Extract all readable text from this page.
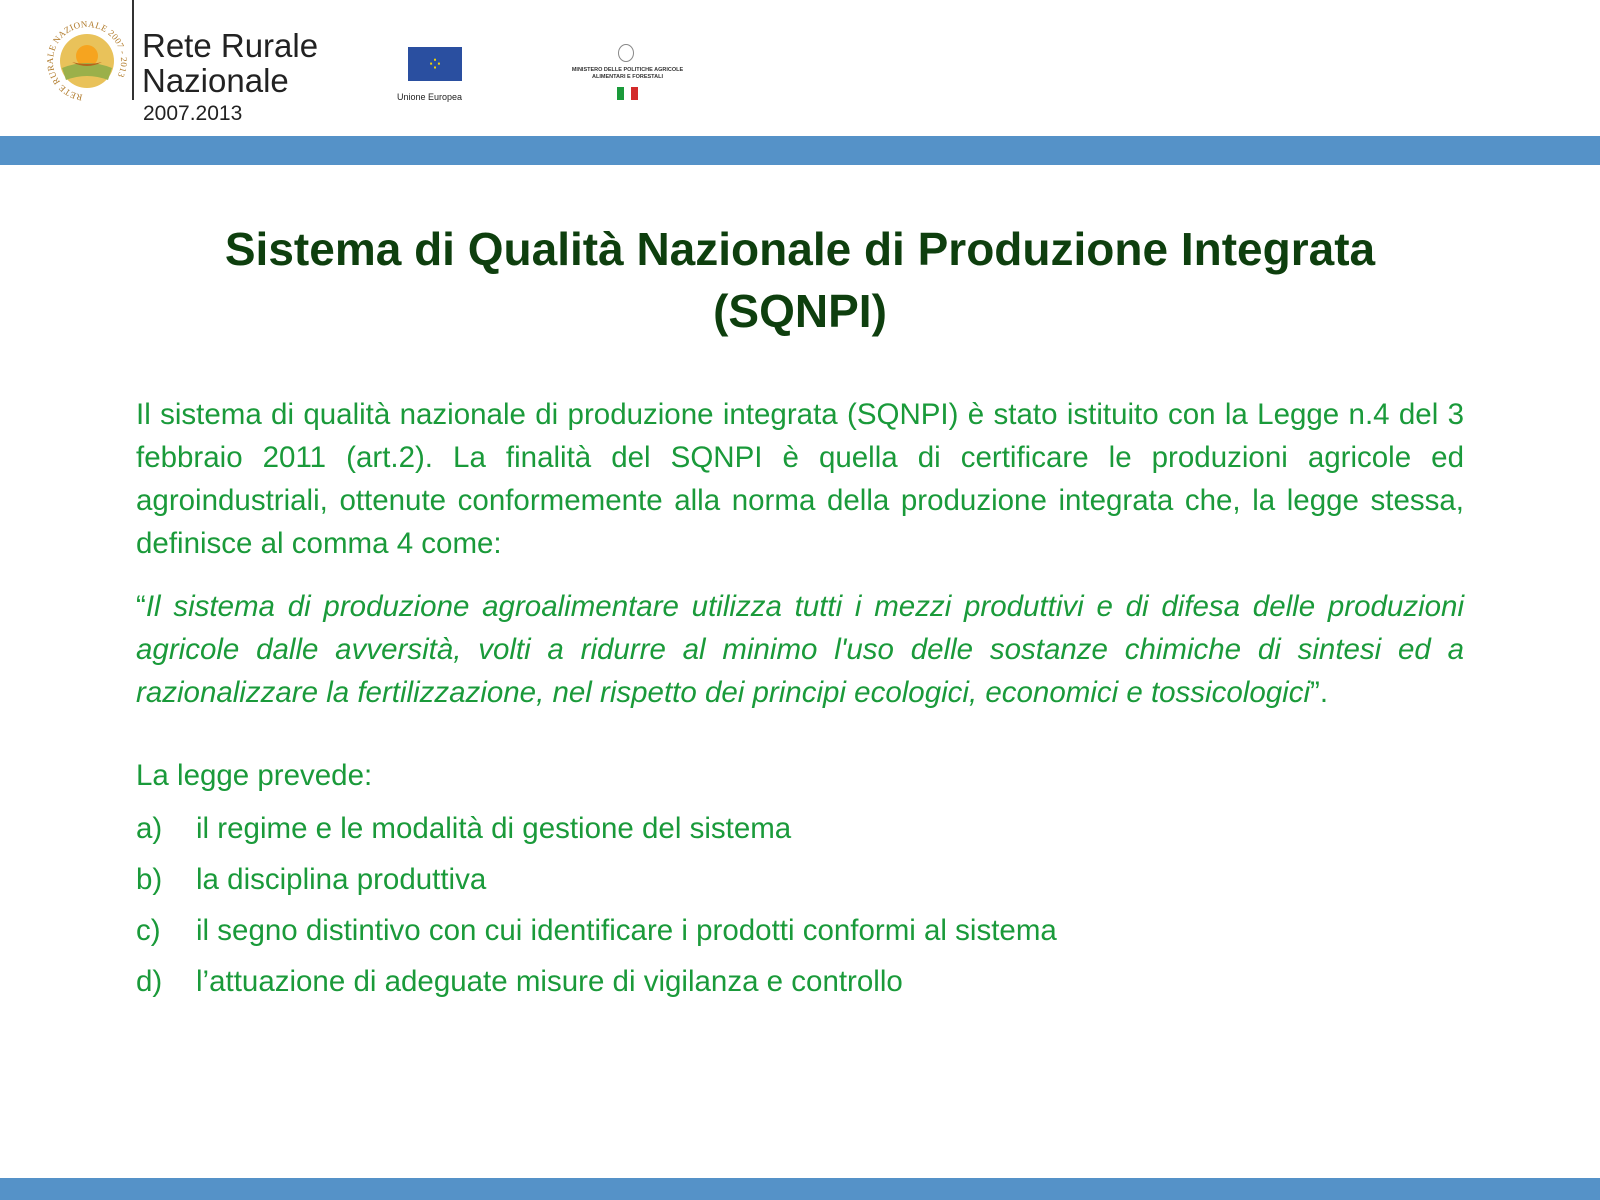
RETE RURALE NAZIONALE 2007 - 2013
Rete Rurale
Nazionale
2007.2013
⁘
Unione Europea
MINISTERO DELLE POLITICHE AGRICOLE
ALIMENTARI E FORESTALI
Sistema di Qualità Nazionale di Produzione Integrata
(SQNPI)

Il sistema di qualità nazionale di produzione integrata (SQNPI) è stato istituito con la Legge n.4 del 3 febbraio 2011 (art.2). La finalità del SQNPI è quella di certificare le produzioni agricole ed agroindustriali, ottenute conformemente alla norma della produzione integrata che, la legge stessa, definisce al comma 4 come:

“Il sistema di produzione agroalimentare utilizza tutti i mezzi produttivi e di difesa delle produzioni agricole dalle avversità, volti a ridurre al minimo l'uso delle sostanze chimiche di sintesi ed a razionalizzare la fertilizzazione, nel rispetto dei principi ecologici, economici e tossicologici”.

La legge prevede:

a)	il regime e le modalità di gestione del sistema
b)	la disciplina produttiva
c)	il segno distintivo con cui identificare i prodotti conformi al sistema
d)	l’attuazione di adeguate misure di vigilanza e controllo
